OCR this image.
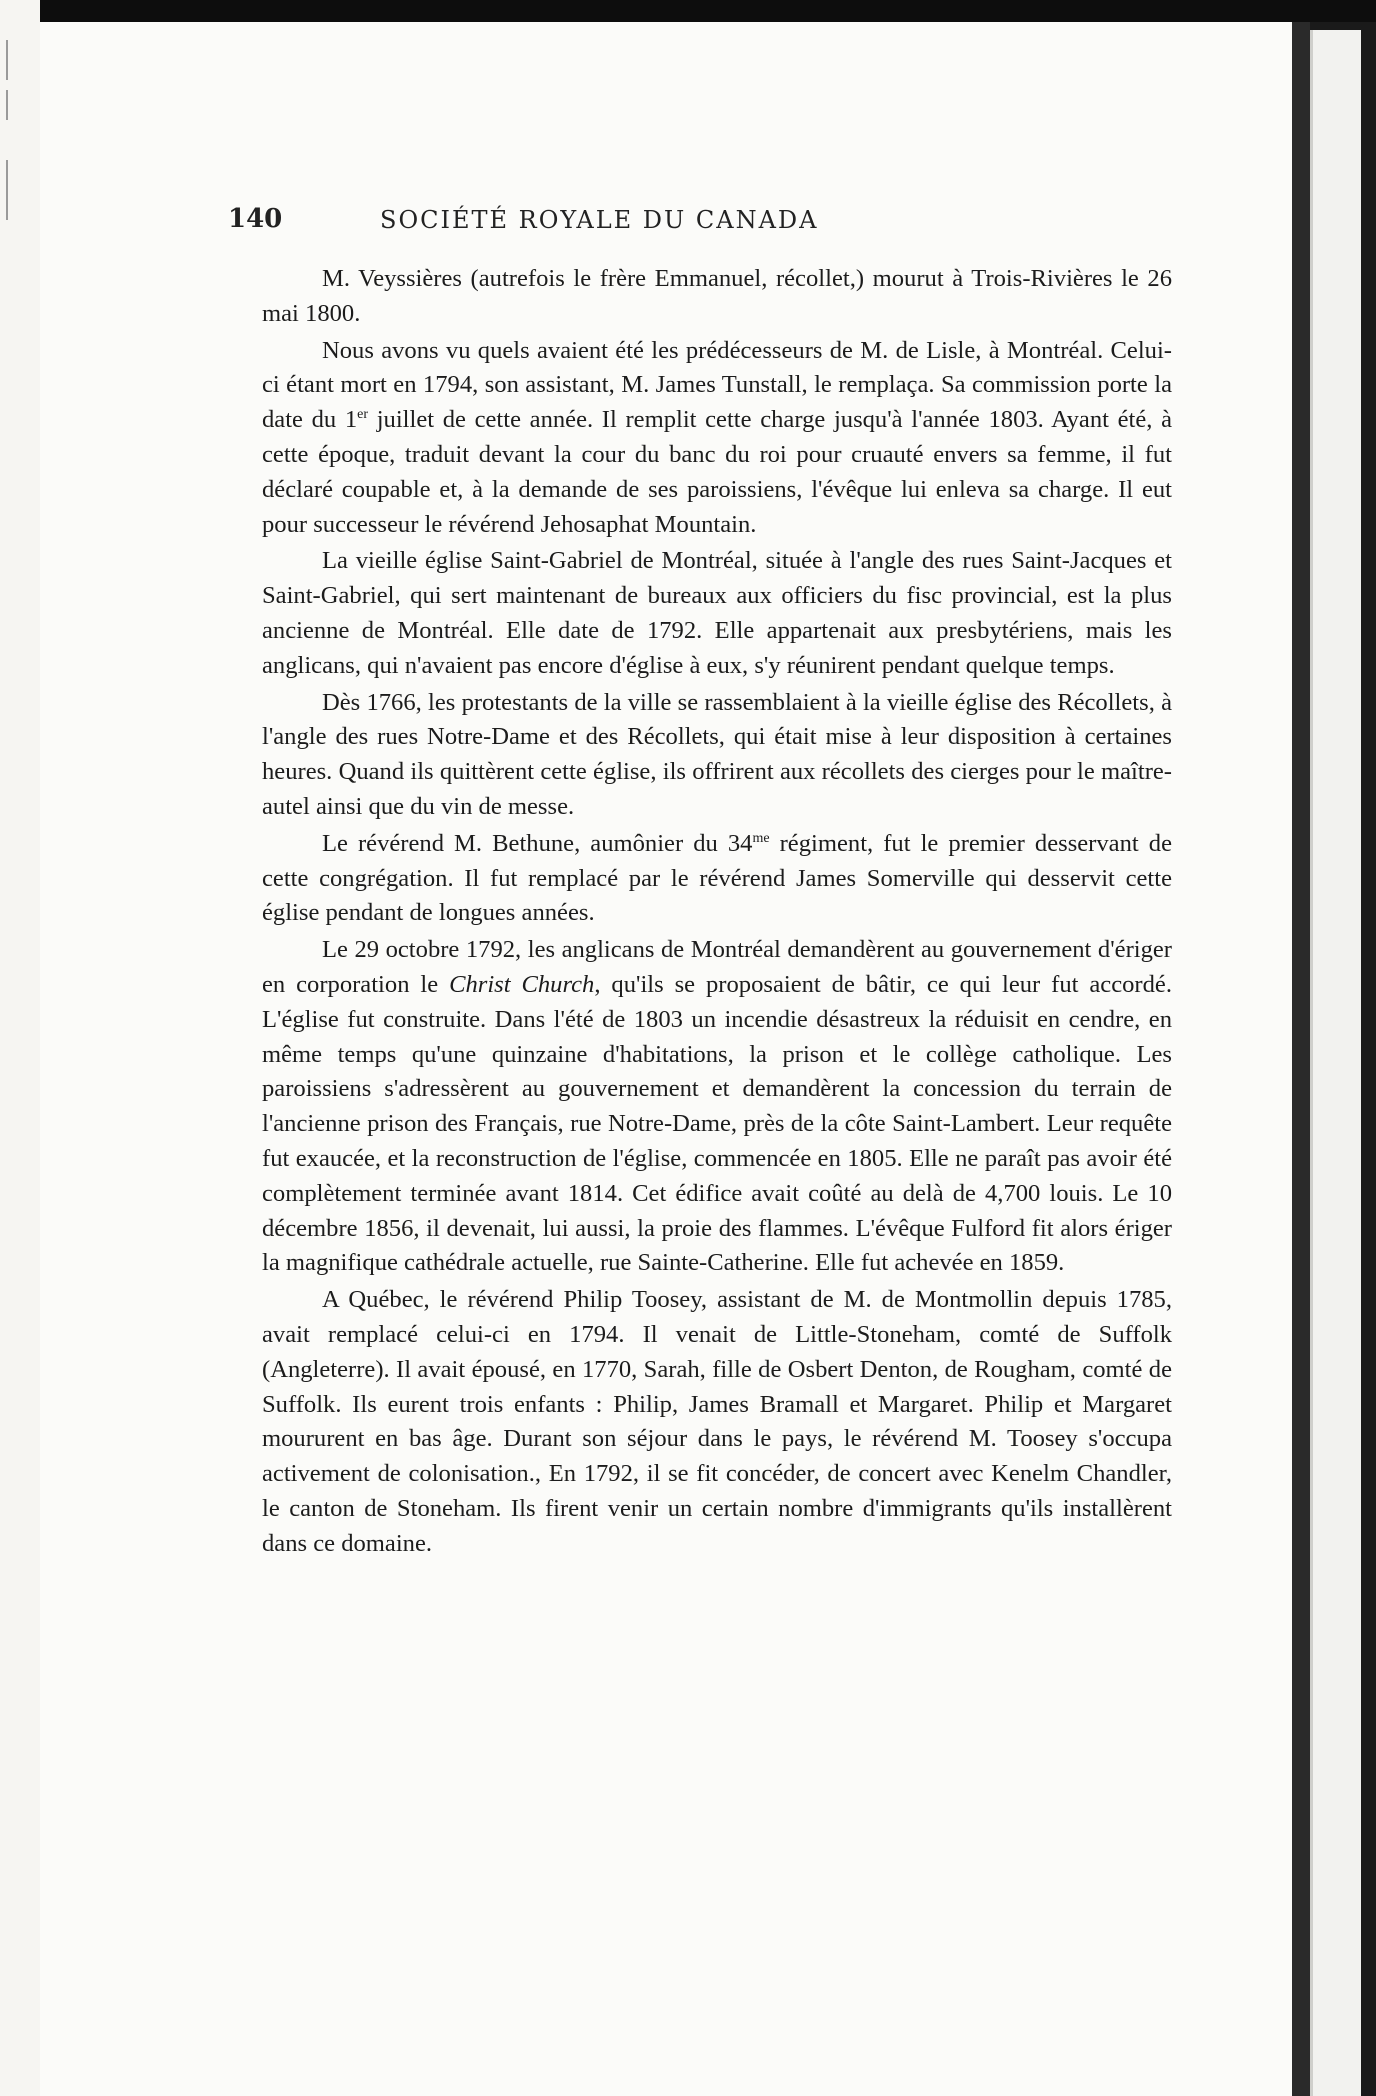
140	SOCIÉTÉ ROYALE DU CANADA

M. Veyssières (autrefois le frère Emmanuel, récollet,) mourut à Trois-Rivières le 26 mai 1800.

Nous avons vu quels avaient été les prédécesseurs de M. de Lisle, à Montréal. Celui-ci étant mort en 1794, son assistant, M. James Tunstall, le remplaça. Sa commission porte la date du 1er juillet de cette année. Il remplit cette charge jusqu'à l'année 1803. Ayant été, à cette époque, traduit devant la cour du banc du roi pour cruauté envers sa femme, il fut déclaré coupable et, à la demande de ses paroissiens, l'évêque lui enleva sa charge. Il eut pour successeur le révérend Jehosaphat Mountain.

La vieille église Saint-Gabriel de Montréal, située à l'angle des rues Saint-Jacques et Saint-Gabriel, qui sert maintenant de bureaux aux officiers du fisc provincial, est la plus ancienne de Montréal. Elle date de 1792. Elle appartenait aux presbytériens, mais les anglicans, qui n'avaient pas encore d'église à eux, s'y réunirent pendant quelque temps.

Dès 1766, les protestants de la ville se rassemblaient à la vieille église des Récollets, à l'angle des rues Notre-Dame et des Récollets, qui était mise à leur disposition à certaines heures. Quand ils quittèrent cette église, ils offrirent aux récollets des cierges pour le maître-autel ainsi que du vin de messe.

Le révérend M. Bethune, aumônier du $34^{me}$ régiment, fut le premier desservant de cette congrégation. Il fut remplacé par le révérend James Somerville qui desservit cette église pendant de longues années.

Le 29 octobre 1792, les anglicans de Montréal demandèrent au gouvernement d'ériger en corporation le Christ Church, qu'ils se proposaient de bâtir, ce qui leur fut accordé. L'église fut construite. Dans l'été de 1803 un incendie désastreux la réduisit en cendre, en même temps qu'une quinzaine d'habitations, la prison et le collège catholique. Les paroissiens s'adressèrent au gouvernement et demandèrent la concession du terrain de l'ancienne prison des Français, rue Notre-Dame, près de la côte Saint-Lambert. Leur requête fut exaucée, et la reconstruction de l'église, commencée en 1805. Elle ne paraît pas avoir été complètement terminée avant 1814. Cet édifice avait coûté au delà de 4,700 louis. Le 10 décembre 1856, il devenait, lui aussi, la proie des flammes. L'évêque Fulford fit alors ériger la magnifique cathédrale actuelle, rue Sainte-Catherine. Elle fut achevée en 1859.

A Québec, le révérend Philip Toosey, assistant de M. de Montmollin depuis 1785, avait remplacé celui-ci en 1794. Il venait de Little-Stoneham, comté de Suffolk (Angleterre). Il avait épousé, en 1770, Sarah, fille de Osbert Denton, de Rougham, comté de Suffolk. Ils eurent trois enfants : Philip, James Bramall et Margaret. Philip et Margaret moururent en bas âge. Durant son séjour dans le pays, le révérend M. Toosey s'occupa activement de colonisation., En 1792, il se fit concéder, de concert avec Kenelm Chandler, le canton de Stoneham. Ils firent venir un certain nombre d'immigrants qu'ils installèrent dans ce domaine.
